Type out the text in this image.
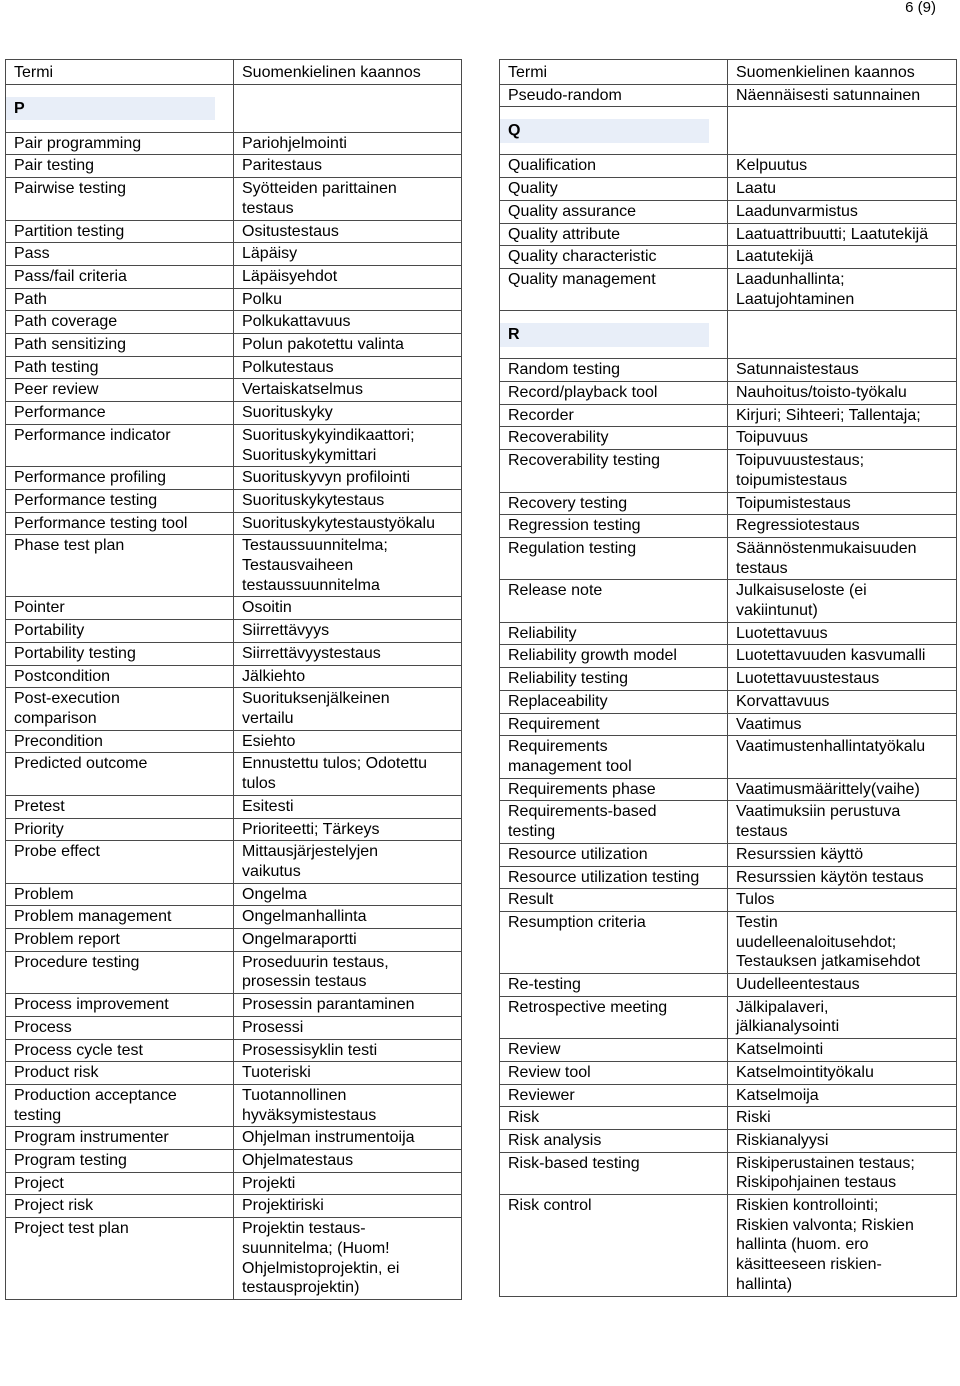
6 (9)
Termi	Suomenkielinen kaannos

P	

Pair programming	Pariohjelmointi
Pair testing	Paritestaus
Pairwise testing	Syötteiden parittainen
testaus
Partition testing	Ositustestaus
Pass	Läpäisy
Pass/fail criteria	Läpäisyehdot
Path	Polku
Path coverage	Polkukattavuus
Path sensitizing	Polun pakotettu valinta
Path testing	Polkutestaus
Peer review	Vertaiskatselmus
Performance	Suorituskyky
Performance indicator	Suorituskykyindikaattori;
Suorituskykymittari
Performance profiling	Suorituskyvyn profilointi
Performance testing	Suorituskykytestaus
Performance testing tool	Suorituskykytestaustyökalu
Phase test plan	Testaussuunnitelma;
Testausvaiheen
testaussuunnitelma
Pointer	Osoitin
Portability	Siirrettävyys
Portability testing	Siirrettävyystestaus
Postcondition	Jälkiehto
Post-execution
comparison	Suorituksenjälkeinen
vertailu
Precondition	Esiehto
Predicted outcome	Ennustettu tulos; Odotettu
tulos
Pretest	Esitesti
Priority	Prioriteetti; Tärkeys
Probe effect	Mittausjärjestelyjen
vaikutus
Problem	Ongelma
Problem management	Ongelmanhallinta
Problem report	Ongelmaraportti
Procedure testing	Proseduurin testaus,
prosessin testaus
Process improvement	Prosessin parantaminen
Process	Prosessi
Process cycle test	Prosessisyklin testi
Product risk	Tuoteriski
Production acceptance
testing	Tuotannollinen
hyväksymistestaus
Program instrumenter	Ohjelman instrumentoija
Program testing	Ohjelmatestaus
Project	Projekti
Project risk	Projektiriski
Project test plan	Projektin testaus-
suunnitelma; (Huom!
Ohjelmistoprojektin, ei
testausprojektin)
Termi	Suomenkielinen kaannos
Pseudo-random	Näennäisesti satunnainen

Q	

Qualification	Kelpuutus
Quality	Laatu
Quality assurance	Laadunvarmistus
Quality attribute	Laatuattribuutti; Laatutekijä
Quality characteristic	Laatutekijä
Quality management	Laadunhallinta;
Laatujohtaminen

R	

Random testing	Satunnaistestaus
Record/playback tool	Nauhoitus/toisto-työkalu
Recorder	Kirjuri; Sihteeri; Tallentaja;
Recoverability	Toipuvuus
Recoverability testing	Toipuvuustestaus;
toipumistestaus
Recovery testing	Toipumistestaus
Regression testing	Regressiotestaus
Regulation testing	Säännöstenmukaisuuden
testaus
Release note	Julkaisuseloste (ei
vakiintunut)
Reliability	Luotettavuus
Reliability growth model	Luotettavuuden kasvumalli
Reliability testing	Luotettavuustestaus
Replaceability	Korvattavuus
Requirement	Vaatimus
Requirements
management tool	Vaatimustenhallintatyökalu
Requirements phase	Vaatimusmäärittely(vaihe)
Requirements-based
testing	Vaatimuksiin perustuva
testaus
Resource utilization	Resurssien käyttö
Resource utilization testing	Resurssien käytön testaus
Result	Tulos
Resumption criteria	Testin
uudelleenaloitusehdot;
Testauksen jatkamisehdot
Re-testing	Uudelleentestaus
Retrospective meeting	Jälkipalaveri,
jälkianalysointi
Review	Katselmointi
Review tool	Katselmointityökalu
Reviewer	Katselmoija
Risk	Riski
Risk analysis	Riskianalyysi
Risk-based testing	Riskiperustainen testaus;
Riskipohjainen testaus
Risk control	Riskien kontrollointi;
Riskien valvonta; Riskien
hallinta (huom. ero
käsitteeseen riskien-
hallinta)
